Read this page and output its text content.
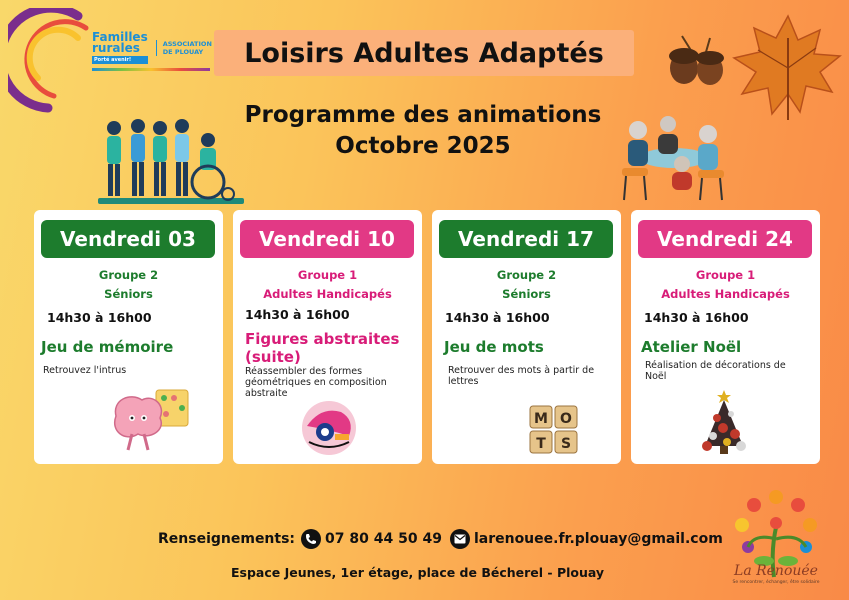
Familles
rurales
Porté avenir!
ASSOCIATION
DE PLOUAY	Loisirs Adultes Adaptés
Programme des animations
Octobre 2025
Vendredi 03
Groupe 2
Séniors
14h30 à 16h00
Jeu de mémoire
Retrouvez l'intrus
Vendredi 10
Groupe 1
Adultes Handicapés
14h30 à 16h00
Figures abstraites
(suite)
Réassembler des formes géométriques en composition abstraite
Vendredi 17
Groupe 2
Séniors
14h30 à 16h00
Jeu de mots
Retrouver des mots à partir de lettres
M O
T S
Vendredi 24
Groupe 1
Adultes Handicapés
14h30 à 16h00
Atelier Noël
Réalisation de décorations de Noël
Renseignements: 07 80 44 50 49 larenouee.fr.plouay@gmail.com
Espace Jeunes, 1er étage, place de Bécherel - Plouay	La Renouée
Se rencontrer, échanger, être solidaire
